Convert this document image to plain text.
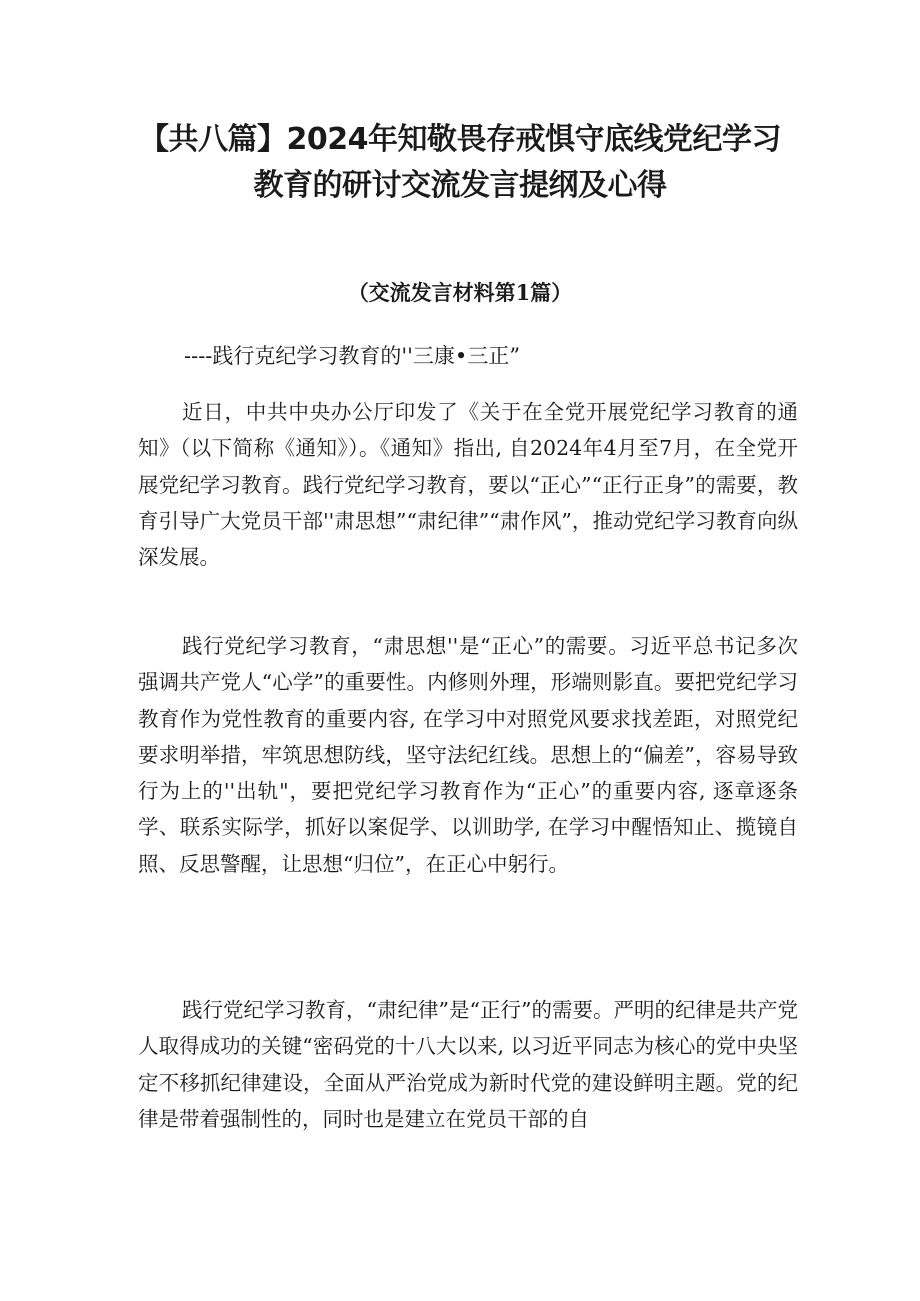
【共八篇】2024年知敬畏存戒惧守底线党纪学习教育的研讨交流发言提纲及心得
（交流发言材料第1篇）

----践行克纪学习教育的''三康•三正”

近日，中共中央办公厅印发了《关于在全党开展党纪学习教育的通知》（以下简称《通知》）。《通知》指出, 自2024年4月至7月，在全党开展党纪学习教育。践行党纪学习教育，要以“正心”“正行正身”的需要，教育引导广大党员干部''肃思想”“肃纪律”“肃作风”，推动党纪学习教育向纵深发展。

践行党纪学习教育，“肃思想''是“正心”的需要。习近平总书记多次强调共产党人“心学”的重要性。内修则外理，形端则影直。要把党纪学习教育作为党性教育的重要内容, 在学习中对照党风要求找差距，对照党纪要求明举措，牢筑思想防线，坚守法纪红线。思想上的“偏差”，容易导致行为上的''出轨"，要把党纪学习教育作为“正心”的重要内容, 逐章逐条学、联系实际学，抓好以案促学、以训助学, 在学习中醒悟知止、揽镜自照、反思警醒，让思想“归位”，在正心中躬行。

践行党纪学习教育，“肃纪律”是“正行”的需要。严明的纪律是共产党人取得成功的关键“密码党的十八大以来, 以习近平同志为核心的党中央坚定不移抓纪律建设，全面从严治党成为新时代党的建设鲜明主题。党的纪律是带着强制性的，同时也是建立在党员干部的自
